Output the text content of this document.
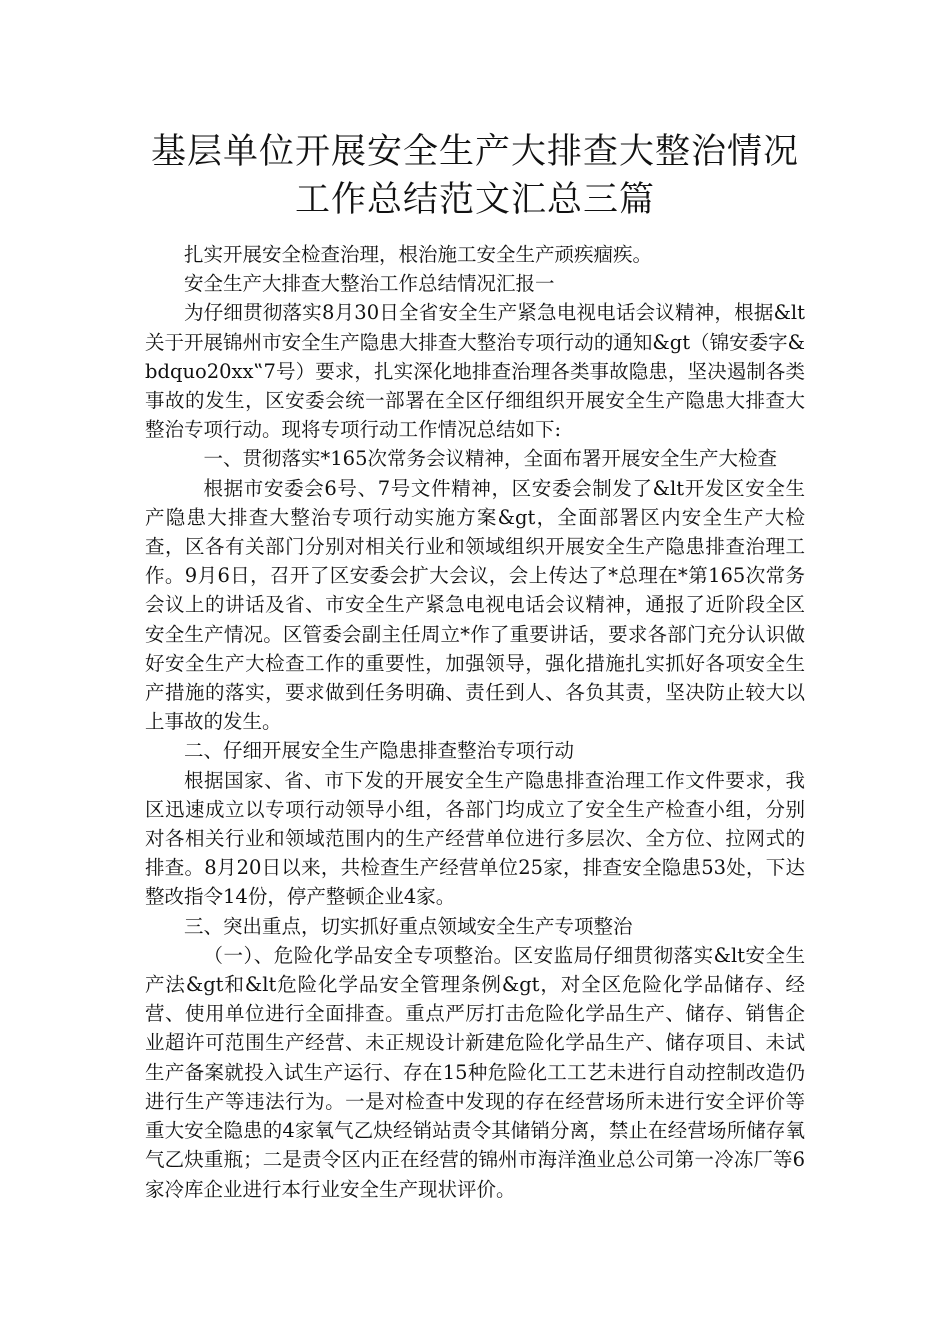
基层单位开展安全生产大排查大整治情况
工作总结范文汇总三篇

扎实开展安全检查治理，根治施工安全生产顽疾痼疾。

安全生产大排查大整治工作总结情况汇报一

为仔细贯彻落实8月30日全省安全生产紧急电视电话会议精神，根据&lt关于开展锦州市安全生产隐患大排查大整治专项行动的通知&gt（锦安委字&bdquo20xx‟7号）要求，扎实深化地排查治理各类事故隐患，坚决遏制各类事故的发生，区安委会统一部署在全区仔细组织开展安全生产隐患大排查大整治专项行动。现将专项行动工作情况总结如下:

一、贯彻落实*165次常务会议精神，全面布署开展安全生产大检查

根据市安委会6号、7号文件精神，区安委会制发了&lt开发区安全生产隐患大排查大整治专项行动实施方案&gt，全面部署区内安全生产大检查，区各有关部门分别对相关行业和领域组织开展安全生产隐患排查治理工作。9月6日，召开了区安委会扩大会议，会上传达了*总理在*第165次常务会议上的讲话及省、市安全生产紧急电视电话会议精神，通报了近阶段全区安全生产情况。区管委会副主任周立*作了重要讲话，要求各部门充分认识做好安全生产大检查工作的重要性，加强领导，强化措施扎实抓好各项安全生产措施的落实，要求做到任务明确、责任到人、各负其责，坚决防止较大以上事故的发生。

二、仔细开展安全生产隐患排查整治专项行动

根据国家、省、市下发的开展安全生产隐患排查治理工作文件要求，我区迅速成立以专项行动领导小组，各部门均成立了安全生产检查小组，分别对各相关行业和领域范围内的生产经营单位进行多层次、全方位、拉网式的排查。8月20日以来，共检查生产经营单位25家，排查安全隐患53处，下达整改指令14份，停产整顿企业4家。

三、突出重点，切实抓好重点领域安全生产专项整治

（一）、危险化学品安全专项整治。区安监局仔细贯彻落实&lt安全生产法&gt和&lt危险化学品安全管理条例&gt，对全区危险化学品储存、经营、使用单位进行全面排查。重点严厉打击危险化学品生产、储存、销售企业超许可范围生产经营、未正规设计新建危险化学品生产、储存项目、未试生产备案就投入试生产运行、存在15种危险化工工艺未进行自动控制改造仍进行生产等违法行为。一是对检查中发现的存在经营场所未进行安全评价等重大安全隐患的4家氧气乙炔经销站责令其储销分离，禁止在经营场所储存氧气乙炔重瓶；二是责令区内正在经营的锦州市海洋渔业总公司第一冷冻厂等6家冷库企业进行本行业安全生产现状评价。
